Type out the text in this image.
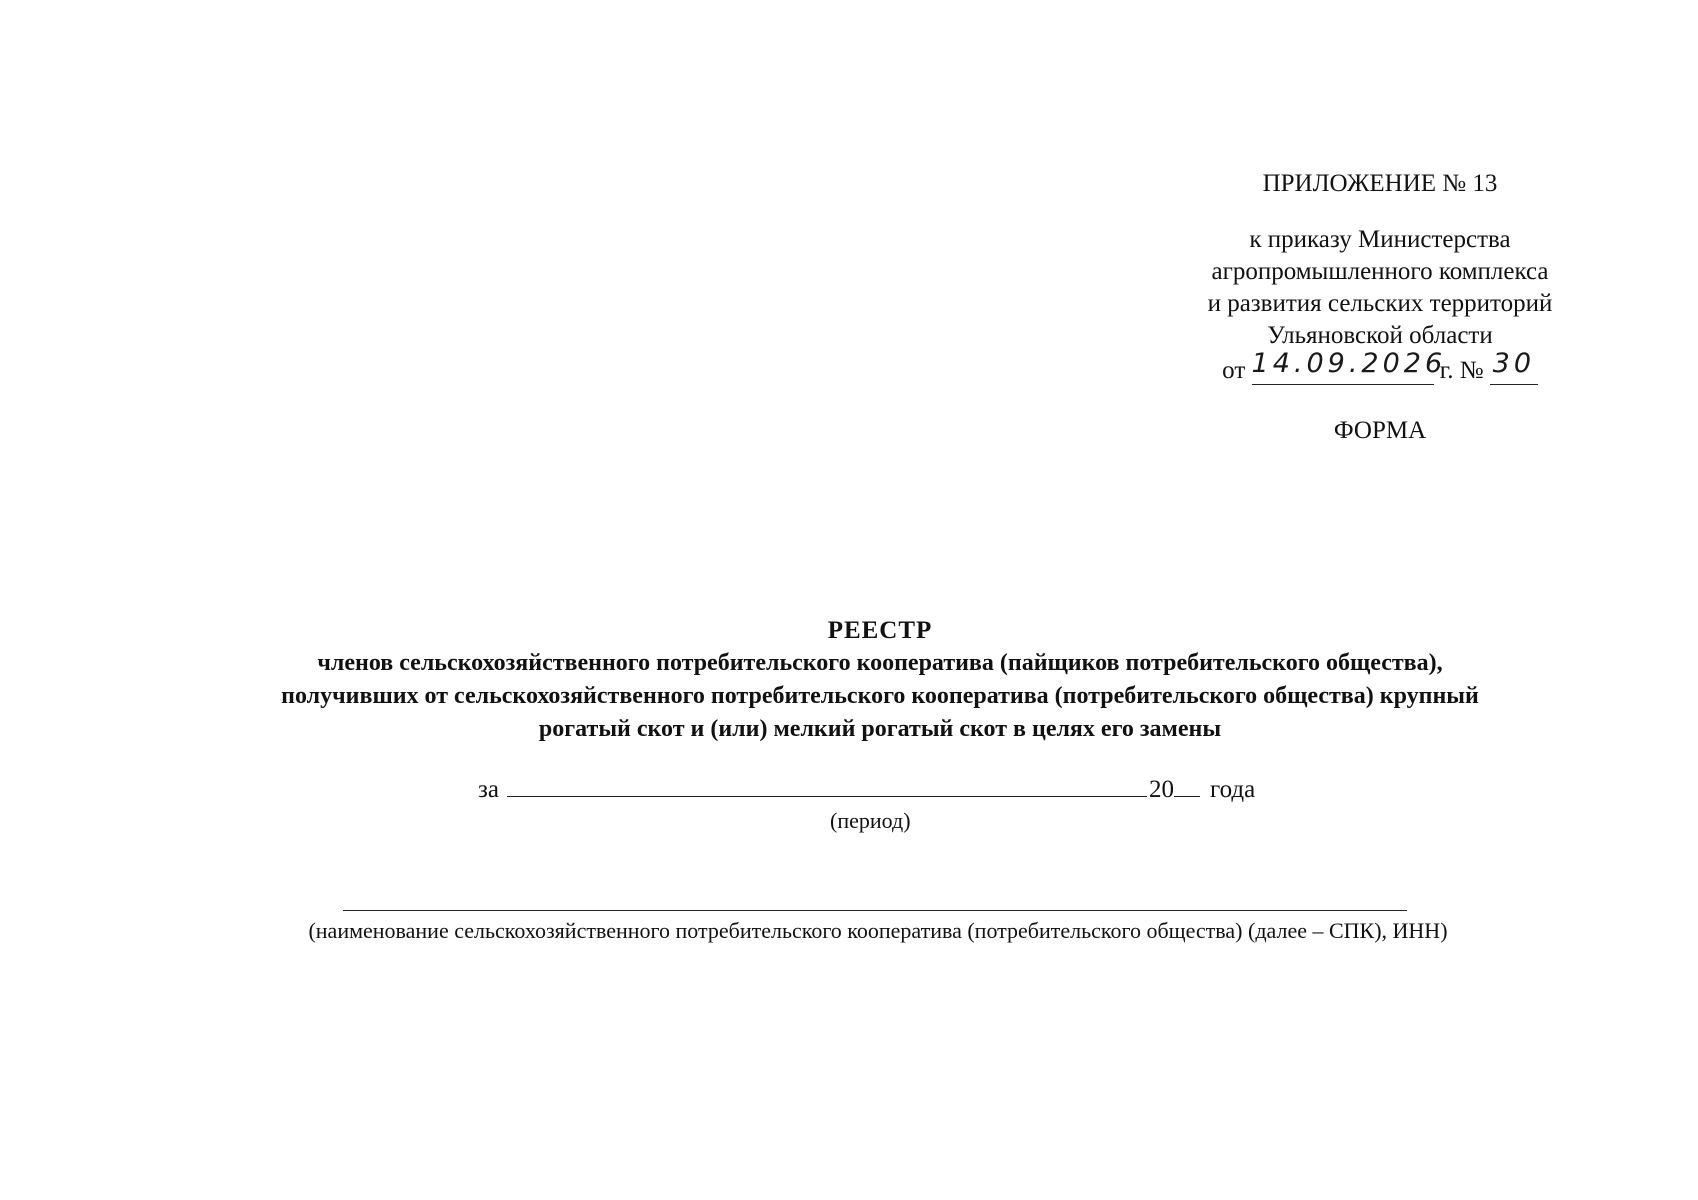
ПРИЛОЖЕНИЕ № 13
к приказу Министерства
агропромышленного комплекса
и развития сельских территорий
Ульяновской области
от 14.09.2026 г. № 30
ФОРМА
РЕЕСТР
членов сельскохозяйственного потребительского кооператива (пайщиков потребительского общества),
получивших от сельскохозяйственного потребительского кооператива (потребительского общества) крупный
рогатый скот и (или) мелкий рогатый скот в целях его замены
за	20 года
(период)
(наименование сельскохозяйственного потребительского кооператива (потребительского общества) (далее – СПК), ИНН)
